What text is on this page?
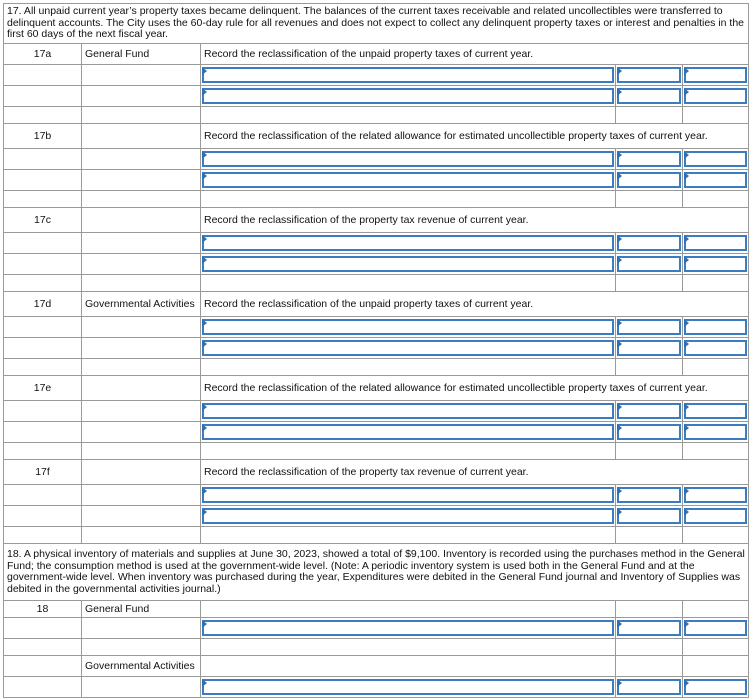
17. All unpaid current year’s property taxes became delinquent. The balances of the current taxes receivable and related uncollectibles were transferred to delinquent accounts. The City uses the 60-day rule for all revenues and does not expect to collect any delinquent property taxes or interest and penalties in the first 60 days of the next fiscal year.				
17a	General Fund	Record the reclassification of the unpaid property taxes of current year.		

17b		Record the reclassification of the related allowance for estimated uncollectible property taxes of current year.		

17c		Record the reclassification of the property tax revenue of current year.		

17d	Governmental Activities	Record the reclassification of the unpaid property taxes of current year.		

17e		Record the reclassification of the related allowance for estimated uncollectible property taxes of current year.		

17f		Record the reclassification of the property tax revenue of current year.		

18. A physical inventory of materials and supplies at June 30, 2023, showed a total of $9,100. Inventory is recorded using the purchases method in the General Fund; the consumption method is used at the government-wide level. (Note: A periodic inventory system is used both in the General Fund and at the government-wide level. When inventory was purchased during the year, Expenditures were debited in the General Fund journal and Inventory of Supplies was debited in the governmental activities journal.)				
18	General Fund			

	Governmental Activities			
